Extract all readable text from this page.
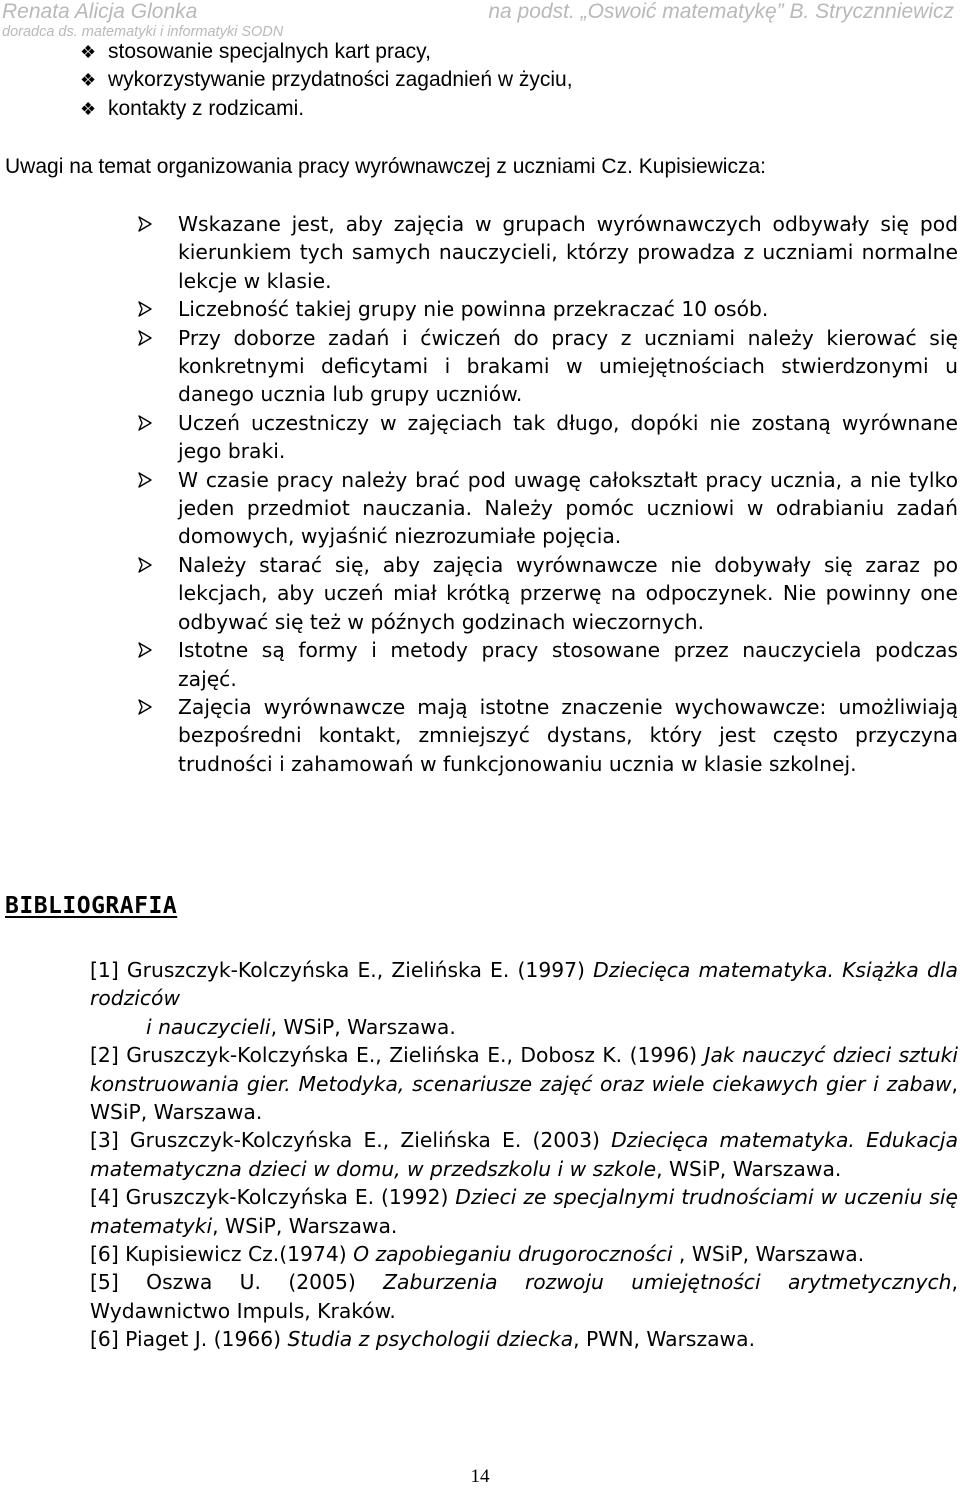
Renata Alicja Glonka
doradca ds. matematyki i informatyki SODN
na podst. „Oswoić matematykę” B. Strycznniewicz
❖ stosowanie specjalnych kart pracy,
❖ wykorzystywanie przydatności zagadnień w życiu,
❖ kontakty z rodzicami.

Uwagi na temat organizowania pracy wyrównawczej z uczniami Cz. Kupisiewicza:

Wskazane jest, aby zajęcia w grupach wyrównawczych odbywały się pod kierunkiem tych samych nauczycieli, którzy prowadza z uczniami normalne lekcje w klasie.
Liczebność takiej grupy nie powinna przekraczać 10 osób.
Przy doborze zadań i ćwiczeń do pracy z uczniami należy kierować się konkretnymi deficytami i brakami w umiejętnościach stwierdzonymi u danego ucznia lub grupy uczniów.
Uczeń uczestniczy w zajęciach tak długo, dopóki nie zostaną wyrównane jego braki.
W czasie pracy należy brać pod uwagę całokształt pracy ucznia, a nie tylko jeden przedmiot nauczania. Należy pomóc uczniowi w odrabianiu zadań domowych, wyjaśnić niezrozumiałe pojęcia.
Należy starać się, aby zajęcia wyrównawcze nie dobywały się zaraz po lekcjach, aby uczeń miał krótką przerwę na odpoczynek. Nie powinny one odbywać się też w późnych godzinach wieczornych.
Istotne są formy i metody pracy stosowane przez nauczyciela podczas zajęć.
Zajęcia wyrównawcze mają istotne znaczenie wychowawcze: umożliwiają bezpośredni kontakt, zmniejszyć dystans, który jest często przyczyna trudności i zahamowań w funkcjonowaniu ucznia w klasie szkolnej.
BIBLIOGRAFIA
[1] Gruszczyk-Kolczyńska E., Zielińska E. (1997) Dziecięca matematyka. Książka dla rodziców
i nauczycieli, WSiP, Warszawa.
[2] Gruszczyk-Kolczyńska E., Zielińska E., Dobosz K. (1996) Jak nauczyć dzieci sztuki konstruowania gier. Metodyka, scenariusze zajęć oraz wiele ciekawych gier i zabaw, WSiP, Warszawa.
[3] Gruszczyk-Kolczyńska E., Zielińska E. (2003) Dziecięca matematyka. Edukacja matematyczna dzieci w domu, w przedszkolu i w szkole, WSiP, Warszawa.
[4] Gruszczyk-Kolczyńska E. (1992) Dzieci ze specjalnymi trudnościami w uczeniu się matematyki, WSiP, Warszawa.
[6] Kupisiewicz Cz.(1974) O zapobieganiu drugoroczności , WSiP, Warszawa.
[5] Oszwa U. (2005) Zaburzenia rozwoju umiejętności arytmetycznych, Wydawnictwo Impuls, Kraków.
[6] Piaget J. (1966) Studia z psychologii dziecka, PWN, Warszawa.
14
